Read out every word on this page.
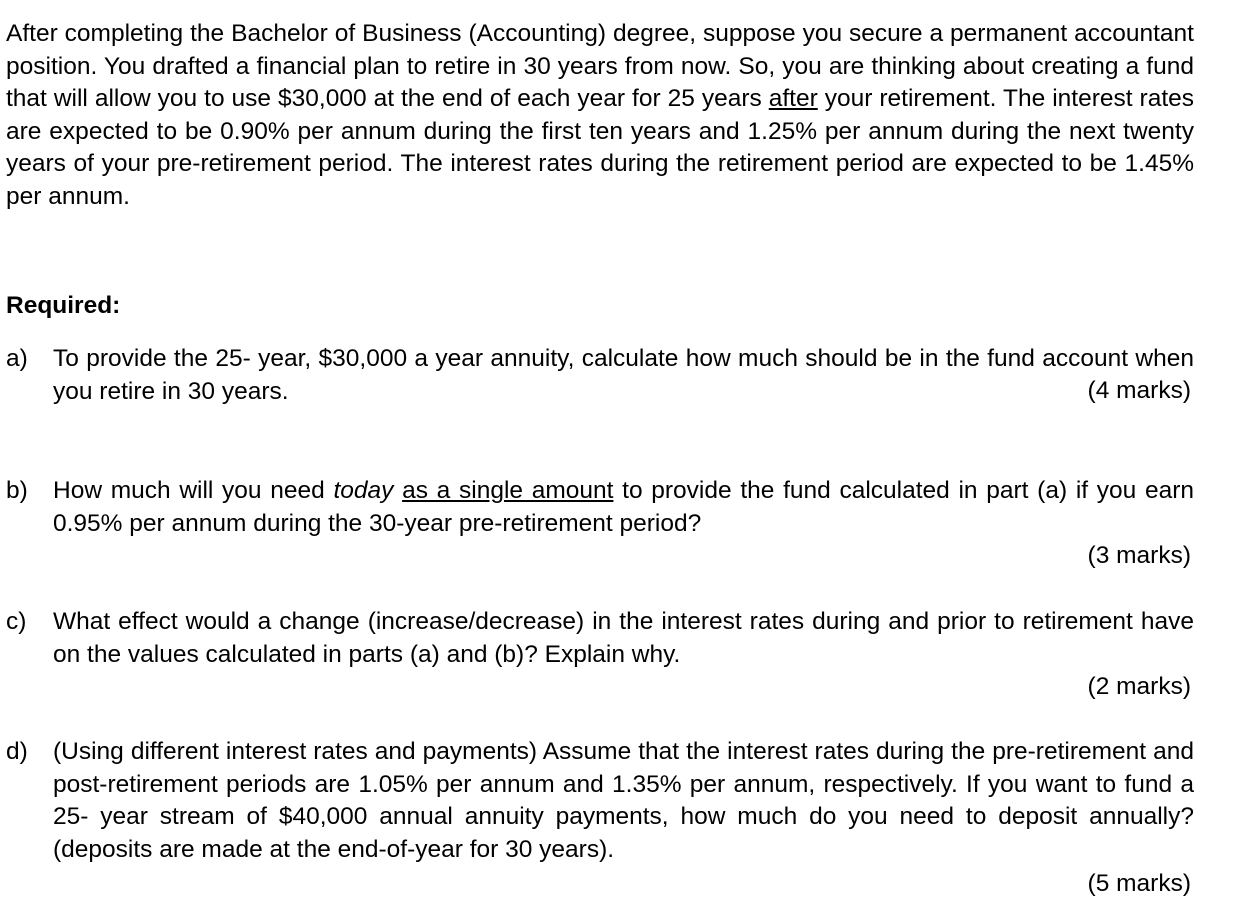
After completing the Bachelor of Business (Accounting) degree, suppose you secure a permanent accountant position. You drafted a financial plan to retire in 30 years from now. So, you are thinking about creating a fund that will allow you to use $30,000 at the end of each year for 25 years after your retirement. The interest rates are expected to be 0.90% per annum during the first ten years and 1.25% per annum during the next twenty years of your pre-retirement period. The interest rates during the retirement period are expected to be 1.45% per annum.

Required:

a) To provide the 25- year, $30,000 a year annuity, calculate how much should be in the fund account when you retire in 30 years.	(4 marks)
b) How much will you need today as a single amount to provide the fund calculated in part (a) if you earn 0.95% per annum during the 30-year pre-retirement period?
(3 marks)
c) What effect would a change (increase/decrease) in the interest rates during and prior to retirement have on the values calculated in parts (a) and (b)? Explain why.
(2 marks)
d) (Using different interest rates and payments) Assume that the interest rates during the pre-retirement and post-retirement periods are 1.05% per annum and 1.35% per annum, respectively. If you want to fund a 25- year stream of $40,000 annual annuity payments, how much do you need to deposit annually? (deposits are made at the end-of-year for 30 years).
(5 marks)
